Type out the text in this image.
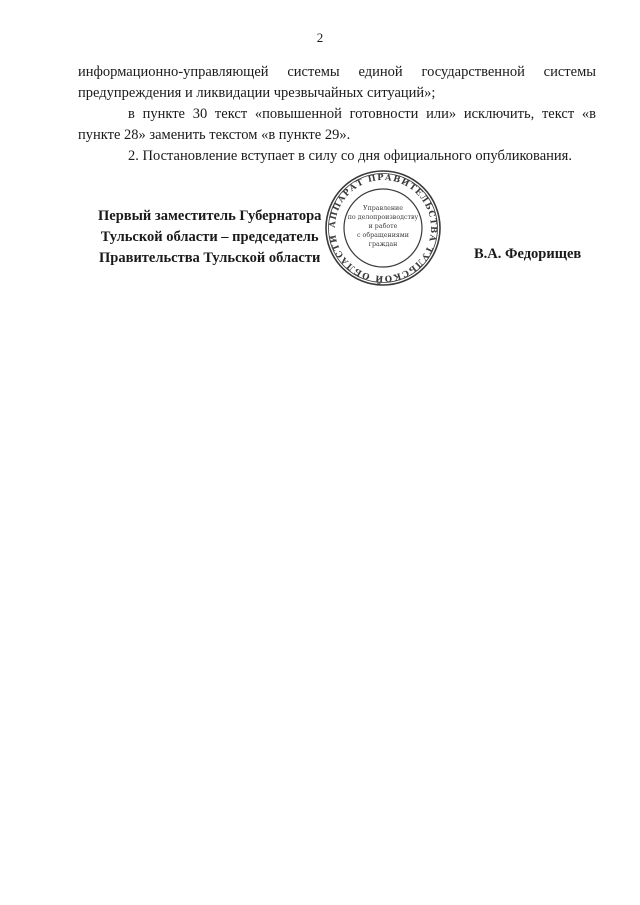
2

информационно-управляющей системы единой государственной системы предупреждения и ликвидации чрезвычайных ситуаций»;

в пункте 30 текст «повышенной готовности или» исключить, текст «в пункте 28» заменить текстом «в пункте 29».

2. Постановление вступает в силу со дня официального опубликования.

Первый заместитель Губернатора
Тульской области – председатель
Правительства Тульской области	В.А. Федорищев
АППАРАТ ПРАВИТЕЛЬСТВА ТУЛЬСКОЙ ОБЛАСТИ
Управление
по делопроизводству
и работе
с обращениями
граждан
